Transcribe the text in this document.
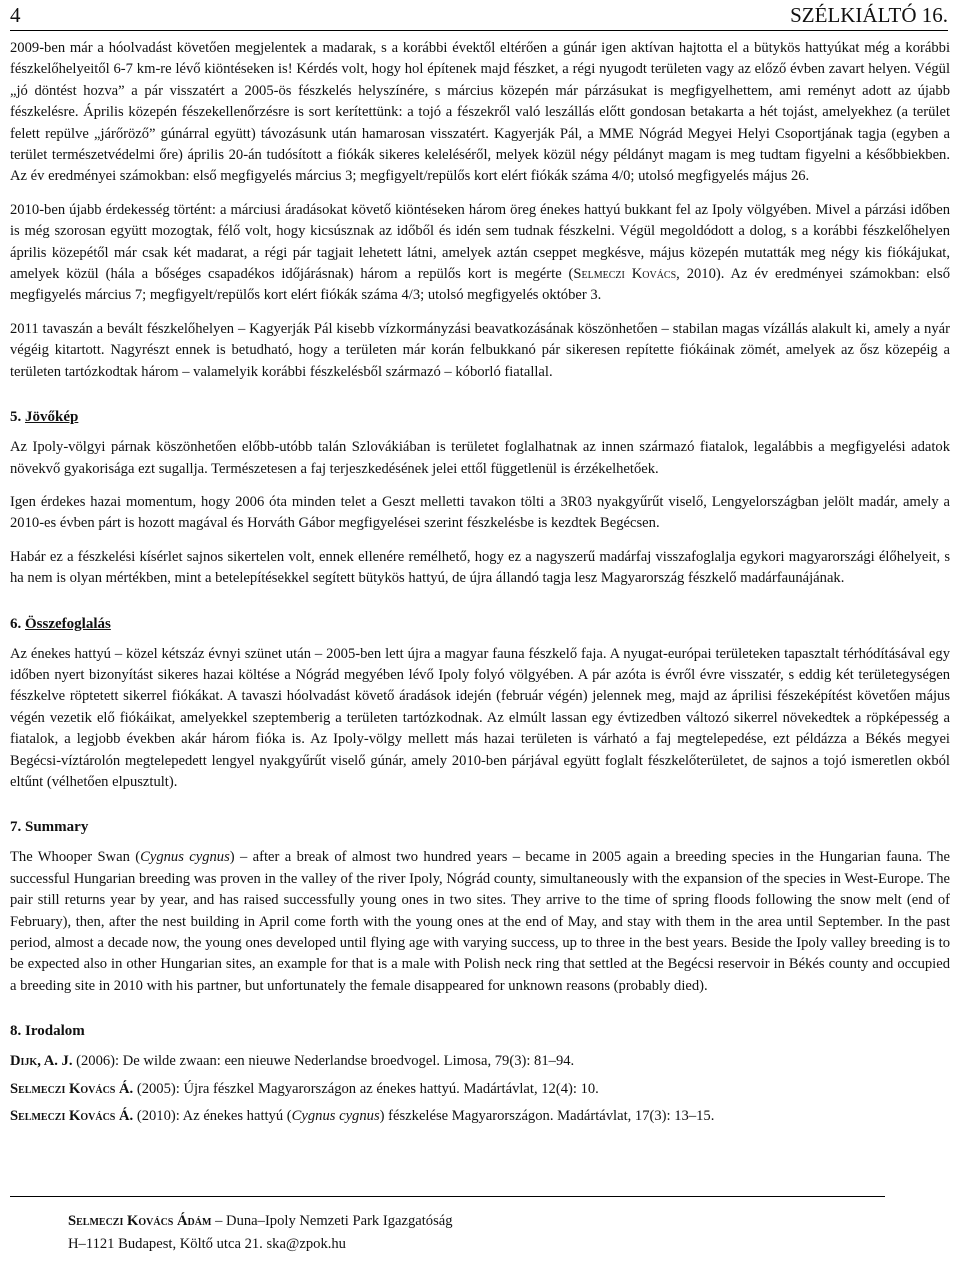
4	SZÉLKIÁLTÓ 16.

2009-ben már a hóolvadást követően megjelentek a madarak, s a korábbi évektől eltérően a gúnár igen aktívan hajtotta el a bütykös hattyúkat még a korábbi fészkelőhelyeitől 6-7 km-re lévő kiöntéseken is! Kérdés volt, hogy hol építenek majd fészket, a régi nyugodt területen vagy az előző évben zavart helyen. Végül „jó döntést hozva” a pár visszatért a 2005-ös fészkelés helyszínére, s március közepén már párzásukat is megfigyelhettem, ami reményt adott az újabb fészkelésre. Április közepén fészekellenőrzésre is sort kerítettünk: a tojó a fészekről való leszállás előtt gondosan betakarta a hét tojást, amelyekhez (a terület felett repülve „járőröző” gúnárral együtt) távozásunk után hamarosan visszatért. Kagyerják Pál, a MME Nógrád Megyei Helyi Csoportjának tagja (egyben a terület természetvédelmi őre) április 20-án tudósított a fiókák sikeres keleléséről, melyek közül négy példányt magam is meg tudtam figyelni a későbbiekben. Az év eredményei számokban: első megfigyelés március 3; megfigyelt/repülős kort elért fiókák száma 4/0; utolsó megfigyelés május 26.

2010-ben újabb érdekesség történt: a márciusi áradásokat követő kiöntéseken három öreg énekes hattyú bukkant fel az Ipoly völgyében. Mivel a párzási időben is még szorosan együtt mozogtak, félő volt, hogy kicsúsznak az időből és idén sem tudnak fészkelni. Végül megoldódott a dolog, s a korábbi fészkelőhelyen április közepétől már csak két madarat, a régi pár tagjait lehetett látni, amelyek aztán cseppet megkésve, május közepén mutatták meg négy kis fiókájukat, amelyek közül (hála a bőséges csapadékos időjárásnak) három a repülős kort is megérte (Selmeczi Kovács, 2010). Az év eredményei számokban: első megfigyelés március 7; megfigyelt/repülős kort elért fiókák száma 4/3; utolsó megfigyelés október 3.

2011 tavaszán a bevált fészkelőhelyen – Kagyerják Pál kisebb vízkormányzási beavatkozásának köszönhetően – stabilan magas vízállás alakult ki, amely a nyár végéig kitartott. Nagyrészt ennek is betudható, hogy a területen már korán felbukkanó pár sikeresen repítette fiókáinak zömét, amelyek az ősz közepéig a területen tartózkodtak három – valamelyik korábbi fészkelésből származó – kóborló fiatallal.

5. Jövőkép

Az Ipoly-völgyi párnak köszönhetően előbb-utóbb talán Szlovákiában is területet foglalhatnak az innen származó fiatalok, legalábbis a megfigyelési adatok növekvő gyakorisága ezt sugallja. Természetesen a faj terjeszkedésének jelei ettől függetlenül is érzékelhetőek.

Igen érdekes hazai momentum, hogy 2006 óta minden telet a Geszt melletti tavakon tölti a 3R03 nyakgyűrűt viselő, Lengyelországban jelölt madár, amely a 2010-es évben párt is hozott magával és Horváth Gábor megfigyelései szerint fészkelésbe is kezdtek Begécsen.

Habár ez a fészkelési kísérlet sajnos sikertelen volt, ennek ellenére remélhető, hogy ez a nagyszerű madárfaj visszafoglalja egykori magyarországi élőhelyeit, s ha nem is olyan mértékben, mint a betelepítésekkel segített bütykös hattyú, de újra állandó tagja lesz Magyarország fészkelő madárfaunájának.

6. Összefoglalás

Az énekes hattyú – közel kétszáz évnyi szünet után – 2005-ben lett újra a magyar fauna fészkelő faja. A nyugat-európai területeken tapasztalt térhódításával egy időben nyert bizonyítást sikeres hazai költése a Nógrád megyében lévő Ipoly folyó völgyében. A pár azóta is évről évre visszatér, s eddig két területegységen fészkelve röptetett sikerrel fiókákat. A tavaszi hóolvadást követő áradások idején (február végén) jelennek meg, majd az áprilisi fészeképítést követően május végén vezetik elő fiókáikat, amelyekkel szeptemberig a területen tartózkodnak. Az elmúlt lassan egy évtizedben változó sikerrel növekedtek a röpképesség a fiatalok, a legjobb években akár három fióka is. Az Ipoly-völgy mellett más hazai területen is várható a faj megtelepedése, ezt példázza a Békés megyei Begécsi-víztárolón megtelepedett lengyel nyakgyűrűt viselő gúnár, amely 2010-ben párjával együtt foglalt fészkelőterületet, de sajnos a tojó ismeretlen okból eltűnt (vélhetően elpusztult).

7. Summary

The Whooper Swan (Cygnus cygnus) – after a break of almost two hundred years – became in 2005 again a breeding species in the Hungarian fauna. The successful Hungarian breeding was proven in the valley of the river Ipoly, Nógrád county, simultaneously with the expansion of the species in West-Europe. The pair still returns year by year, and has raised successfully young ones in two sites. They arrive to the time of spring floods following the snow melt (end of February), then, after the nest building in April come forth with the young ones at the end of May, and stay with them in the area until September. In the past period, almost a decade now, the young ones developed until flying age with varying success, up to three in the best years. Beside the Ipoly valley breeding is to be expected also in other Hungarian sites, an example for that is a male with Polish neck ring that settled at the Begécsi reservoir in Békés county and occupied a breeding site in 2010 with his partner, but unfortunately the female disappeared for unknown reasons (probably died).

8. Irodalom
Dijk, A. J. (2006): De wilde zwaan: een nieuwe Nederlandse broedvogel. Limosa, 79(3): 81–94.
Selmeczi Kovács Á. (2005): Újra fészkel Magyarországon az énekes hattyú. Madártávlat, 12(4): 10.
Selmeczi Kovács Á. (2010): Az énekes hattyú (Cygnus cygnus) fészkelése Magyarországon. Madártávlat, 17(3): 13–15.
Selmeczi Kovács Ádám – Duna–Ipoly Nemzeti Park Igazgatóság
H–1121 Budapest, Költő utca 21. ska@zpok.hu
